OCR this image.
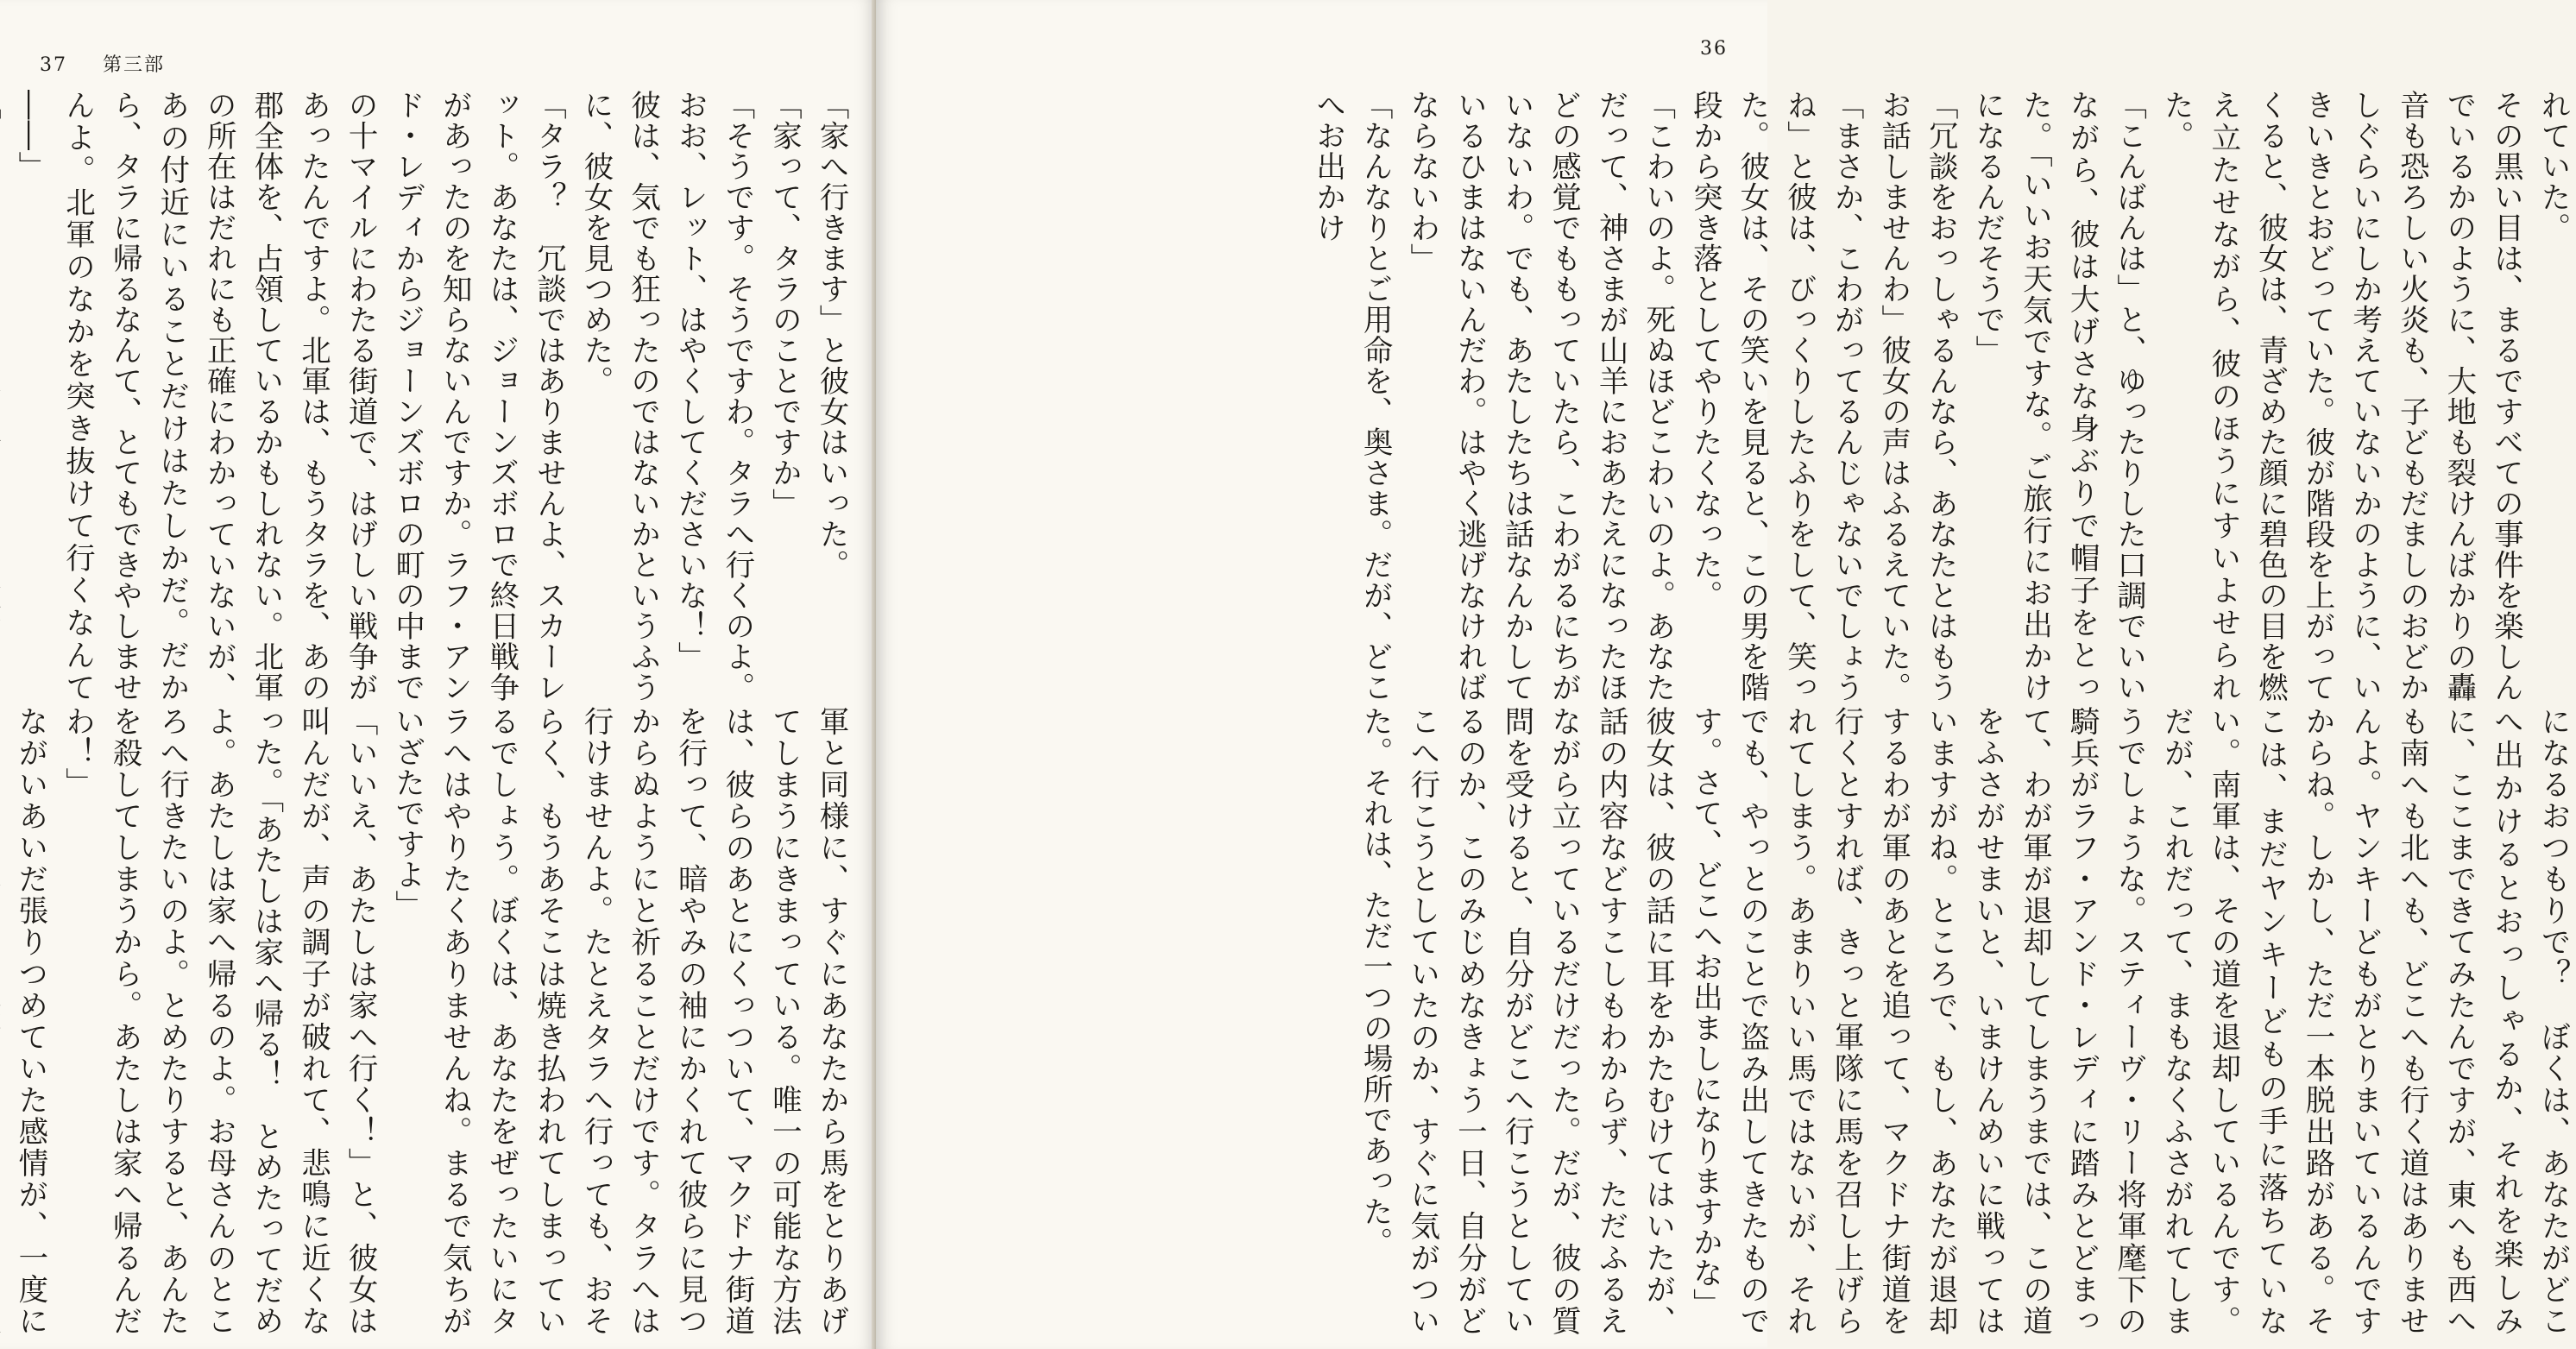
37 第三部

「家へ行きます」と彼女はいった。
「家って、タラのことですか」
「そうです。そうですわ。タラへ行くのよ。おお、レット、はやくしてくださいな！」
彼は、気でも狂ったのではないかというふうに、彼女を見つめた。
「タラ？　冗談ではありませんよ、スカーレット。あなたは、ジョーンズボロで終日戦争があったのを知らないんですか。ラフ・アンド・レディからジョーンズボロの町の中までの十マイルにわたる街道で、はげしい戦争があったんですよ。北軍は、もうタラを、あの郡全体を、占領しているかもしれない。北軍の所在はだれにも正確にわかっていないが、あの付近にいることだけはたしかだ。だから、タラに帰るなんて、とてもできやしませんよ。北軍のなかを突き抜けて行くなんて――」

軍と同様に、すぐにあなたから馬をとりあげてしまうにきまっている。唯一の可能な方法は、彼らのあとにくっついて、マクドナ街道を行って、暗やみの袖にかくれて彼らに見つからぬようにと祈ることだけです。タラへは行けませんよ。たとえタラへ行っても、おそらく、もうあそこは焼き払われてしまっているでしょう。ぼくは、あなたをぜったいにタラへはやりたくありませんね。まるで気ちがいざたですよ」
「いいえ、あたしは家へ行く！」と、彼女は叫んだが、声の調子が破れて、悲鳴に近くなった。「あたしは家へ帰る！　とめたってだめよ。あたしは家へ帰るのよ。お母さんのところへ行きたいのよ。とめたりすると、あんたを殺してしまうから。あたしは家へ帰るんだわ！」
ながいあいだ張りつめていた感情が、一度に　　

36

れていた。
その黒い目は、まるですべての事件を楽しんでいるかのように、大地も裂けんばかりの轟音も恐ろしい火炎も、子どもだましのおどかしぐらいにしか考えていないかのように、いきいきとおどっていた。彼が階段を上がってくると、彼女は、青ざめた顔に碧色の目を燃え立たせながら、彼のほうにすいよせられた。
「こんばんは」と、ゆったりした口調でいいながら、彼は大げさな身ぶりで帽子をとった。「いいお天気ですな。ご旅行にお出かけになるんだそうで」
「冗談をおっしゃるんなら、あなたとはもうお話しませんわ」彼女の声はふるえていた。
「まさか、こわがってるんじゃないでしょうね」と彼は、びっくりしたふりをして、笑った。彼女は、その笑いを見ると、この男を階段から突き落としてやりたくなった。
「こわいのよ。死ぬほどこわいのよ。あなただって、神さまが山羊におあたえになったほどの感覚でももっていたら、こわがるにちがいないわ。でも、あたしたちは話なんかしているひまはないんだわ。はやく逃げなければならないわ」
「なんなりとご用命を、奥さま。だが、どこへお出かけ

になるおつもりで？　ぼくは、あなたがどこへ出かけるとおっしゃるか、それを楽しみに、ここまできてみたんですが、東へも西へも南へも北へも、どこへも行く道はありませんよ。ヤンキーどもがとりまいているんですからね。しかし、ただ一本脱出路がある。そこは、まだヤンキーどもの手に落ちていない。南軍は、その道を退却しているんです。だが、これだって、まもなくふさがれてしまうでしょうな。スティーヴ・リー将軍麾下の騎兵がラフ・アンド・レディに踏みとどまって、わが軍が退却してしまうまでは、この道をふさがせまいと、いまけんめいに戦ってはいますがね。ところで、もし、あなたが退却するわが軍のあとを追って、マクドナ街道を行くとすれば、きっと軍隊に馬を召し上げられてしまう。あまりいい馬ではないが、それでも、やっとのことで盗み出してきたものです。さて、どこへお出ましになりますかな」
彼女は、彼の話に耳をかたむけてはいたが、話の内容などすこしもわからず、ただふるえながら立っているだけだった。だが、彼の質問を受けると、自分がどこへ行こうとしているのか、このみじめなきょう一日、自分がどこへ行こうとしていたのか、すぐに気がついた。それは、ただ一つの場所であった。
